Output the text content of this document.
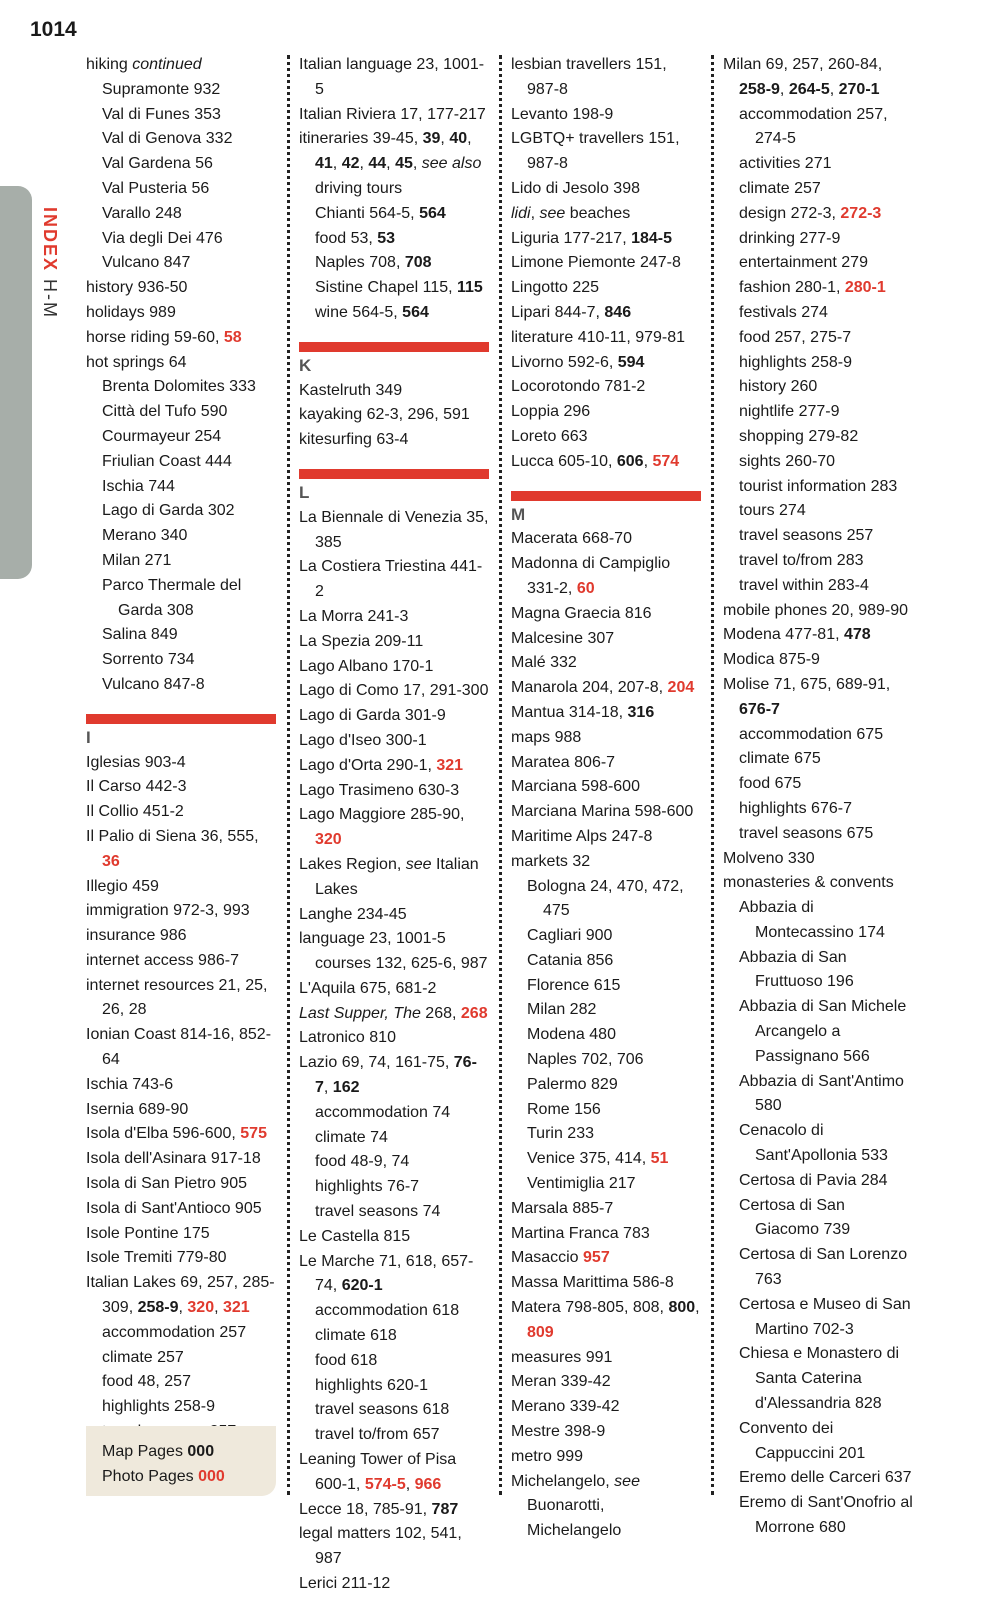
1014
INDEX H-M
hiking continued
Supramonte 932
Val di Funes 353
Val di Genova 332
Val Gardena 56
Val Pusteria 56
Varallo 248
Via degli Dei 476
Vulcano 847
history 936-50
holidays 989
horse riding 59-60, 58
hot springs 64
Brenta Dolomites 333
Città del Tufo 590
Courmayeur 254
Friulian Coast 444
Ischia 744
Lago di Garda 302
Merano 340
Milan 271
Parco Thermale del Garda 308
Salina 849
Sorrento 734
Vulcano 847-8
I
Iglesias 903-4
Il Carso 442-3
Il Collio 451-2
Il Palio di Siena 36, 555, 36
Illegio 459
immigration 972-3, 993
insurance 986
internet access 986-7
internet resources 21, 25, 26, 28
Ionian Coast 814-16, 852-64
Ischia 743-6
Isernia 689-90
Isola d'Elba 596-600, 575
Isola dell'Asinara 917-18
Isola di San Pietro 905
Isola di Sant'Antioco 905
Isole Pontine 175
Isole Tremiti 779-80
Italian Lakes 69, 257, 285-309, 258-9, 320, 321
accommodation 257
climate 257
food 48, 257
highlights 258-9
Italian language 23, 1001-5
Italian Riviera 17, 177-217
itineraries 39-45, 39, 40, 41, 42, 44, 45, see also driving tours
Chianti 564-5, 564
food 53, 53
Naples 708, 708
Sistine Chapel 115, 115
wine 564-5, 564
K
Kastelruth 349
kayaking 62-3, 296, 591
kitesurfing 63-4
L
La Biennale di Venezia 35, 385
La Costiera Triestina 441-2
La Morra 241-3
La Spezia 209-11
Lago Albano 170-1
Lago di Como 17, 291-300
Lago di Garda 301-9
Lago d'Iseo 300-1
Lago d'Orta 290-1, 321
Lago Trasimeno 630-3
Lago Maggiore 285-90, 320
Lakes Region, see Italian Lakes
Langhe 234-45
language 23, 1001-5
courses 132, 625-6, 987
L'Aquila 675, 681-2
Last Supper, The 268, 268
Latronico 810
Lazio 69, 74, 161-75, 76-7, 162
accommodation 74
climate 74
food 48-9, 74
highlights 76-7
travel seasons 74
Le Castella 815
Le Marche 71, 618, 657-74, 620-1
accommodation 618
climate 618
food 618
highlights 620-1
travel seasons 618
travel to/from 657
Leaning Tower of Pisa 600-1, 574-5, 966
Lecce 18, 785-91, 787
legal matters 102, 541, 987
Lerici 211-12
lesbian travellers 151, 987-8
Levanto 198-9
LGBTQ+ travellers 151, 987-8
Lido di Jesolo 398
lidi, see beaches
Liguria 177-217, 184-5
Limone Piemonte 247-8
Lingotto 225
Lipari 844-7, 846
literature 410-11, 979-81
Livorno 592-6, 594
Locorotondo 781-2
Loppia 296
Loreto 663
Lucca 605-10, 606, 574
M
Macerata 668-70
Madonna di Campiglio 331-2, 60
Magna Graecia 816
Malcesine 307
Malé 332
Manarola 204, 207-8, 204
Mantua 314-18, 316
maps 988
Maratea 806-7
Marciana 598-600
Marciana Marina 598-600
Maritime Alps 247-8
markets 32
Bologna 24, 470, 472, 475
Cagliari 900
Catania 856
Florence 615
Milan 282
Modena 480
Naples 702, 706
Palermo 829
Rome 156
Turin 233
Venice 375, 414, 51
Ventimiglia 217
Marsala 885-7
Martina Franca 783
Masaccio 957
Massa Marittima 586-8
Matera 798-805, 808, 800, 809
measures 991
Meran 339-42
Merano 339-42
Mestre 398-9
metro 999
Michelangelo, see Buonarotti, Michelangelo
Milan 69, 257, 260-84, 258-9, 264-5, 270-1
accommodation 257, 274-5
activities 271
climate 257
design 272-3, 272-3
drinking 277-9
entertainment 279
fashion 280-1, 280-1
festivals 274
food 257, 275-7
highlights 258-9
history 260
nightlife 277-9
shopping 279-82
sights 260-70
tourist information 283
tours 274
travel seasons 257
travel to/from 283
travel within 283-4
mobile phones 20, 989-90
Modena 477-81, 478
Modica 875-9
Molise 71, 675, 689-91, 676-7
accommodation 675
climate 675
food 675
highlights 676-7
travel seasons 675
Molveno 330
monasteries & convents
Abbazia di Montecassino 174
Abbazia di San Fruttuoso 196
Abbazia di San Michele Arcangelo a Passignano 566
Abbazia di Sant'Antimo 580
Cenacolo di Sant'Apollonia 533
Certosa di Pavia 284
Certosa di San Giacomo 739
Certosa di San Lorenzo 763
Certosa e Museo di San Martino 702-3
Chiesa e Monastero di Santa Caterina d'Alessandria 828
Convento dei Cappuccini 201
Eremo delle Carceri 637
Eremo di Sant'Onofrio al Morrone 680
Map Pages 000
Photo Pages 000
